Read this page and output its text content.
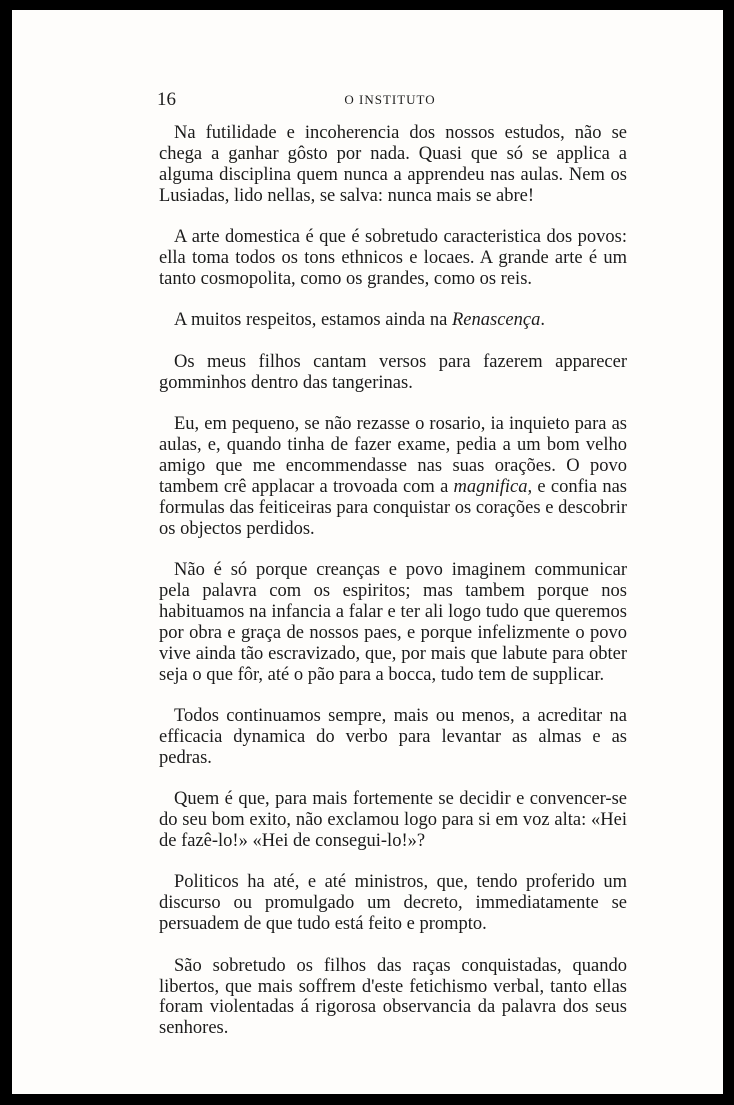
16	O INSTITUTO

Na futilidade e incoherencia dos nossos estudos, não se chega a ganhar gôsto por nada. Quasi que só se applica a alguma disciplina quem nunca a apprendeu nas aulas. Nem os Lusiadas, lido nellas, se salva: nunca mais se abre!

A arte domestica é que é sobretudo caracteristica dos povos: ella toma todos os tons ethnicos e locaes. A grande arte é um tanto cosmopolita, como os grandes, como os reis.

A muitos respeitos, estamos ainda na Renascença.

Os meus filhos cantam versos para fazerem apparecer gomminhos dentro das tangerinas.

Eu, em pequeno, se não rezasse o rosario, ia inquieto para as aulas, e, quando tinha de fazer exame, pedia a um bom velho amigo que me encommendasse nas suas orações. O povo tambem crê applacar a trovoada com a magnifica, e confia nas formulas das feiticeiras para conquistar os corações e descobrir os objectos perdidos.

Não é só porque creanças e povo imaginem communicar pela palavra com os espiritos; mas tambem porque nos habituamos na infancia a falar e ter ali logo tudo que queremos por obra e graça de nossos paes, e porque infelizmente o povo vive ainda tão escravizado, que, por mais que labute para obter seja o que fôr, até o pão para a bocca, tudo tem de supplicar.

Todos continuamos sempre, mais ou menos, a acreditar na efficacia dynamica do verbo para levantar as almas e as pedras.

Quem é que, para mais fortemente se decidir e convencer-se do seu bom exito, não exclamou logo para si em voz alta: «Hei de fazê-lo!» «Hei de consegui-lo!»?

Politicos ha até, e até ministros, que, tendo proferido um discurso ou promulgado um decreto, immediatamente se persuadem de que tudo está feito e prompto.

São sobretudo os filhos das raças conquistadas, quando libertos, que mais soffrem d'este fetichismo verbal, tanto ellas foram violentadas á rigorosa observancia da palavra dos seus senhores.
